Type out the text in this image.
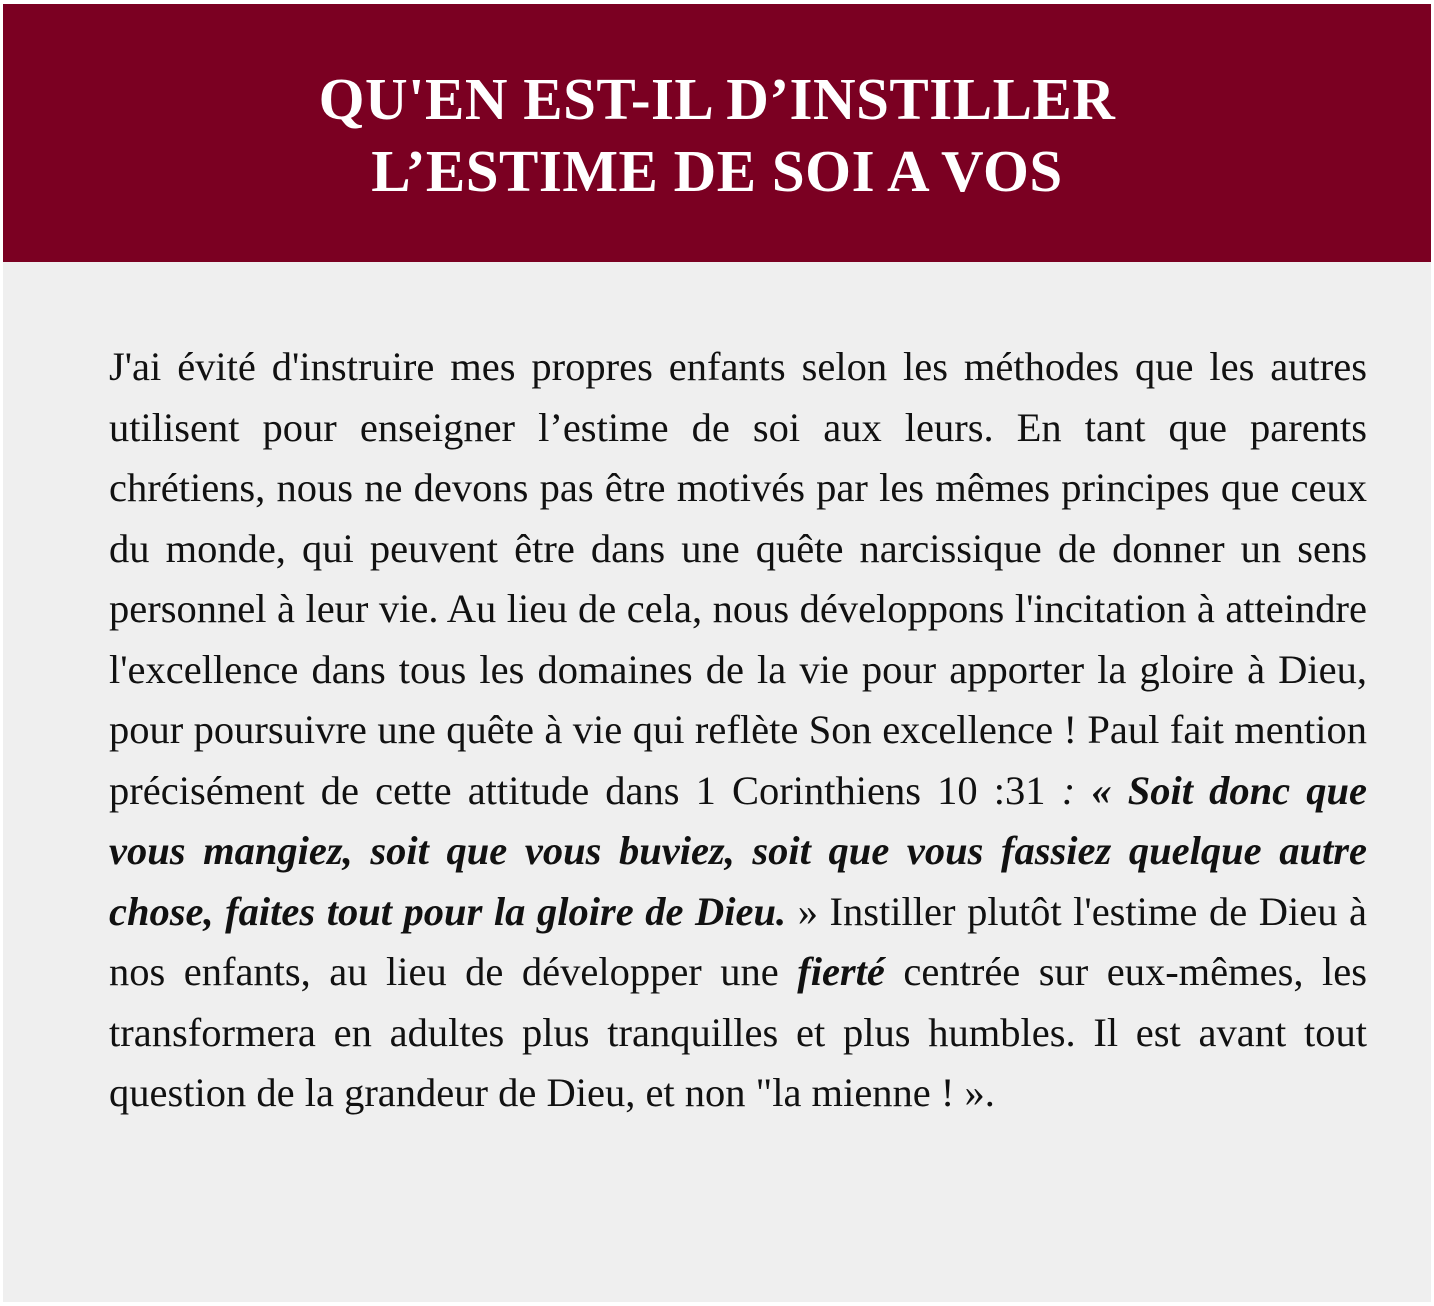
QU'EN EST-IL D’INSTILLER
L’ESTIME DE SOI A VOS

J'ai évité d'instruire mes propres enfants selon les méthodes que les autres utilisent pour enseigner l’estime de soi aux leurs. En tant que parents chrétiens, nous ne devons pas être motivés par les mêmes principes que ceux du monde, qui peuvent être dans une quête narcissique de donner un sens personnel à leur vie. Au lieu de cela, nous développons l'incitation à atteindre l'excellence dans tous les domaines de la vie pour apporter la gloire à Dieu, pour poursuivre une quête à vie qui reflète Son excellence ! Paul fait mention précisément de cette attitude dans 1 Corinthiens 10 :31 : « Soit donc que vous mangiez, soit que vous buviez, soit que vous fassiez quelque autre chose, faites tout pour la gloire de Dieu. » Instiller plutôt l'estime de Dieu à nos enfants, au lieu de développer une fierté centrée sur eux-mêmes, les transformera en adultes plus tranquilles et plus humbles. Il est avant tout question de la grandeur de Dieu, et non "la mienne ! ».
